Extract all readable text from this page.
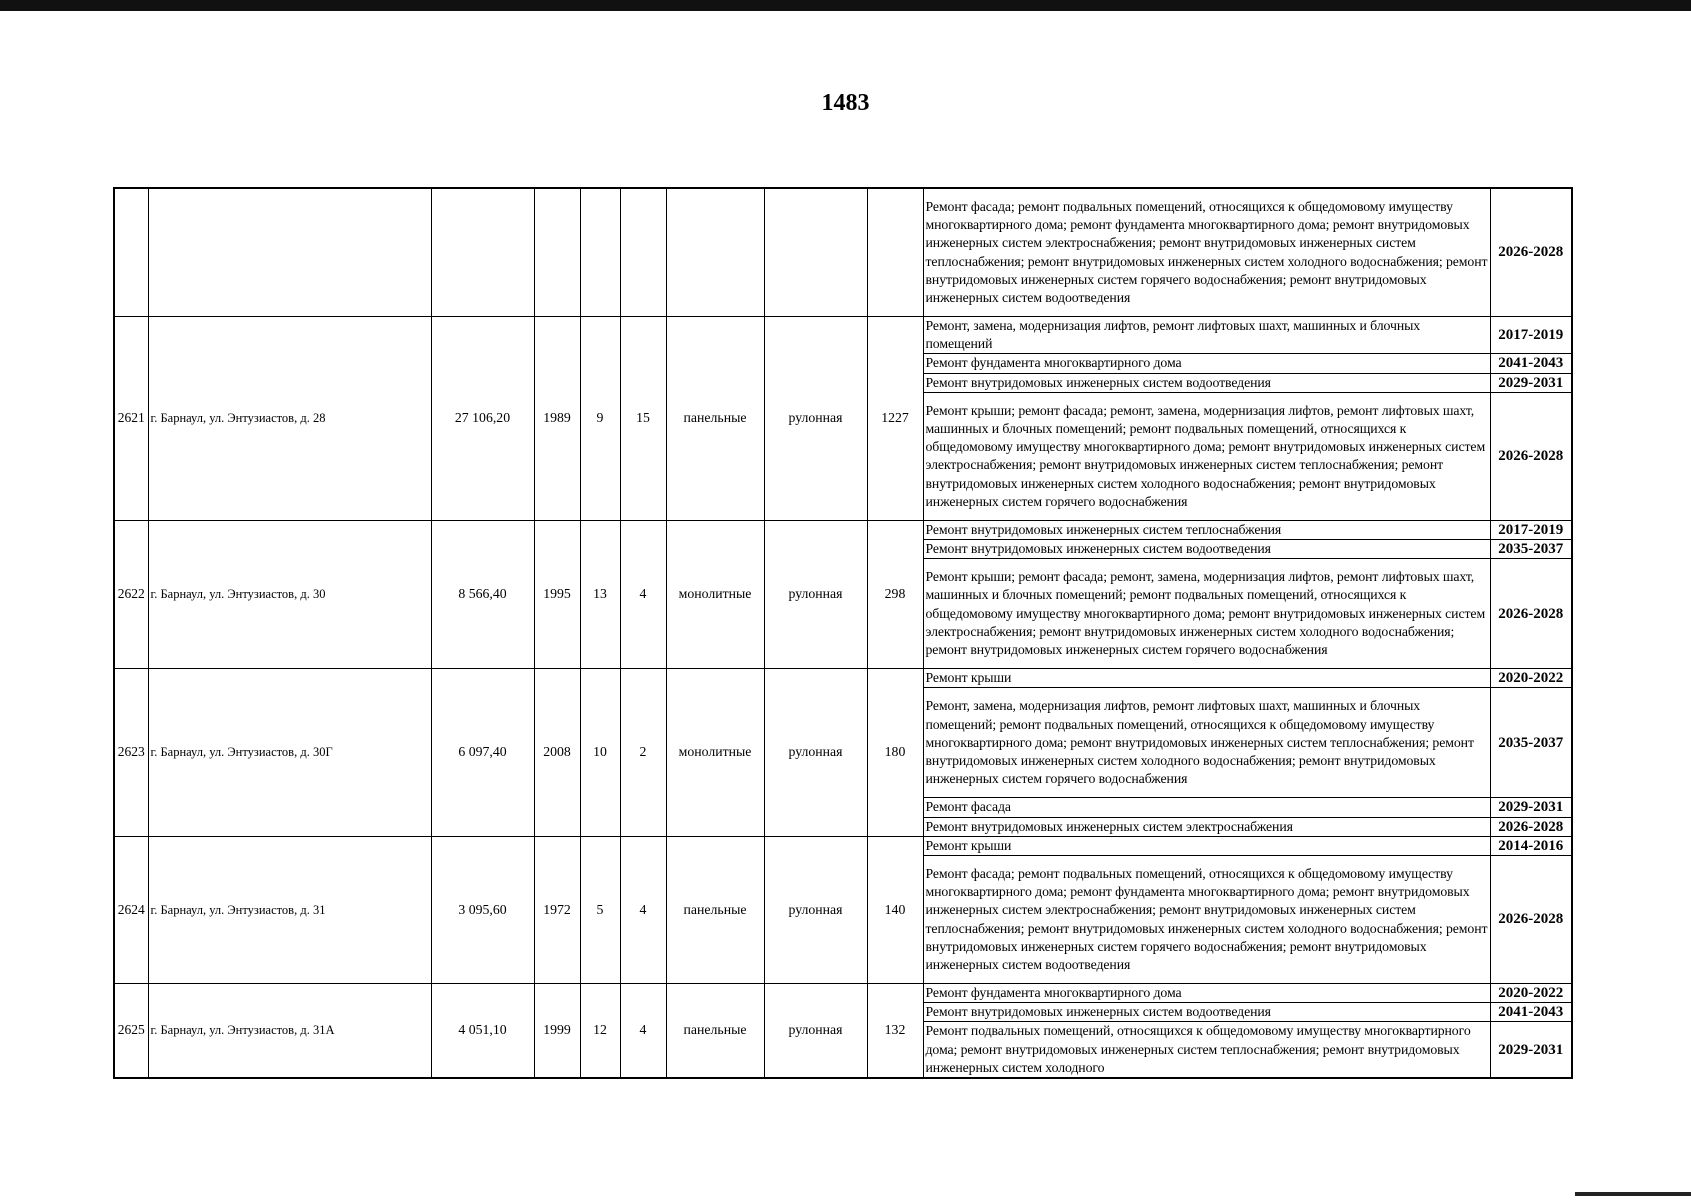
1483
									Ремонт фасада; ремонт подвальных помещений, относящихся к общедомовому имуществу многоквартирного дома; ремонт фундамента многоквартирного дома; ремонт внутридомовых инженерных систем электроснабжения; ремонт внутридомовых инженерных систем теплоснабжения; ремонт внутридомовых инженерных систем холодного водоснабжения; ремонт внутридомовых инженерных систем горячего водоснабжения; ремонт внутридомовых инженерных систем водоотведения	2026-2028
2621	г. Барнаул, ул. Энтузиастов, д. 28	27 106,20	1989	9	15	панельные	рулонная	1227	Ремонт, замена, модернизация лифтов, ремонт лифтовых шахт, машинных и блочных помещений	2017-2019
									Ремонт фундамента многоквартирного дома	2041-2043
									Ремонт внутридомовых инженерных систем водоотведения	2029-2031
									Ремонт крыши; ремонт фасада; ремонт, замена, модернизация лифтов, ремонт лифтовых шахт, машинных и блочных помещений; ремонт подвальных помещений, относящихся к общедомовому имуществу многоквартирного дома; ремонт внутридомовых инженерных систем электроснабжения; ремонт внутридомовых инженерных систем теплоснабжения; ремонт внутридомовых инженерных систем холодного водоснабжения; ремонт внутридомовых инженерных систем горячего водоснабжения	2026-2028
2622	г. Барнаул, ул. Энтузиастов, д. 30	8 566,40	1995	13	4	монолитные	рулонная	298	Ремонт внутридомовых инженерных систем теплоснабжения	2017-2019
									Ремонт внутридомовых инженерных систем водоотведения	2035-2037
									Ремонт крыши; ремонт фасада; ремонт, замена, модернизация лифтов, ремонт лифтовых шахт, машинных и блочных помещений; ремонт подвальных помещений, относящихся к общедомовому имуществу многоквартирного дома; ремонт внутридомовых инженерных систем электроснабжения; ремонт внутридомовых инженерных систем холодного водоснабжения; ремонт внутридомовых инженерных систем горячего водоснабжения	2026-2028
2623	г. Барнаул, ул. Энтузиастов, д. 30Г	6 097,40	2008	10	2	монолитные	рулонная	180	Ремонт крыши	2020-2022
									Ремонт, замена, модернизация лифтов, ремонт лифтовых шахт, машинных и блочных помещений; ремонт подвальных помещений, относящихся к общедомовому имуществу многоквартирного дома; ремонт внутридомовых инженерных систем теплоснабжения; ремонт внутридомовых инженерных систем холодного водоснабжения; ремонт внутридомовых инженерных систем горячего водоснабжения	2035-2037
									Ремонт фасада	2029-2031
									Ремонт внутридомовых инженерных систем электроснабжения	2026-2028
2624	г. Барнаул, ул. Энтузиастов, д. 31	3 095,60	1972	5	4	панельные	рулонная	140	Ремонт крыши	2014-2016
									Ремонт фасада; ремонт подвальных помещений, относящихся к общедомовому имуществу многоквартирного дома; ремонт фундамента многоквартирного дома; ремонт внутридомовых инженерных систем электроснабжения; ремонт внутридомовых инженерных систем теплоснабжения; ремонт внутридомовых инженерных систем холодного водоснабжения; ремонт внутридомовых инженерных систем горячего водоснабжения; ремонт внутридомовых инженерных систем водоотведения	2026-2028
2625	г. Барнаул, ул. Энтузиастов, д. 31А	4 051,10	1999	12	4	панельные	рулонная	132	Ремонт фундамента многоквартирного дома	2020-2022
									Ремонт внутридомовых инженерных систем водоотведения	2041-2043
									Ремонт подвальных помещений, относящихся к общедомовому имуществу многоквартирного дома; ремонт внутридомовых инженерных систем теплоснабжения; ремонт внутридомовых инженерных систем холодного	2029-2031
